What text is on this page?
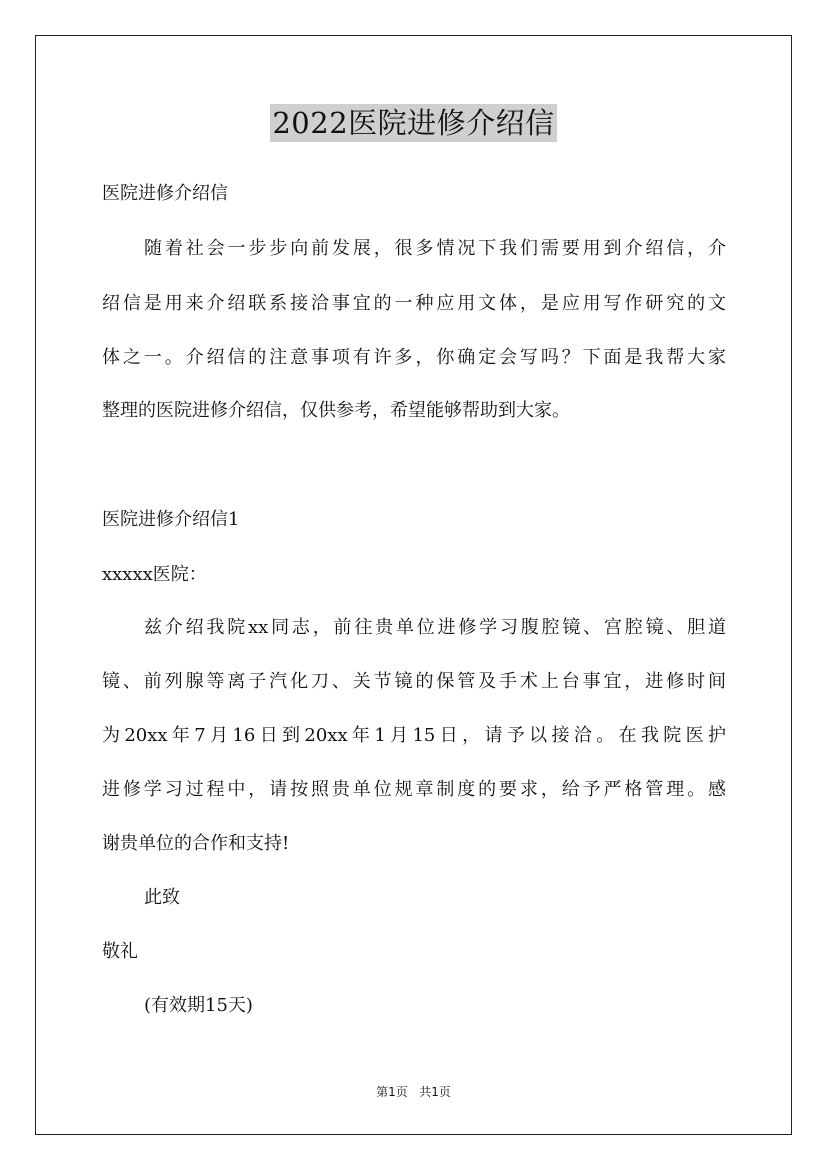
2022医院进修介绍信

医院进修介绍信

随着社会一步步向前发展，很多情况下我们需要用到介绍信，介

绍信是用来介绍联系接洽事宜的一种应用文体，是应用写作研究的文

体之一。介绍信的注意事项有许多，你确定会写吗？下面是我帮大家

整理的医院进修介绍信，仅供参考，希望能够帮助到大家。

医院进修介绍信1

xxxxx医院：

兹介绍我院xx同志，前往贵单位进修学习腹腔镜、宫腔镜、胆道

镜、前列腺等离子汽化刀、关节镜的保管及手术上台事宜，进修时间

为20xx年7月16日到20xx年1月15日，请予以接洽。在我院医护

进修学习过程中，请按照贵单位规章制度的要求，给予严格管理。感

谢贵单位的合作和支持!

此致

敬礼

(有效期15天)

第1页 共1页
